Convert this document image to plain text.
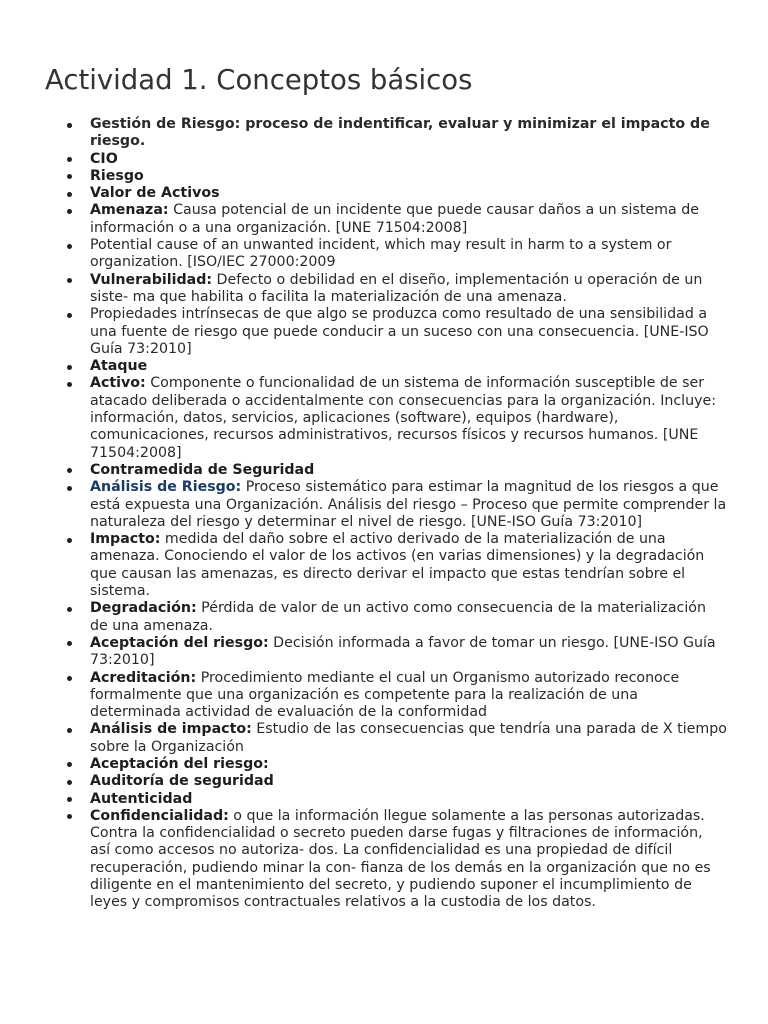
Actividad 1. Conceptos básicos
Gestión de Riesgo: proceso de indentificar, evaluar y minimizar el impacto de riesgo.
CIO
Riesgo
Valor de Activos
Amenaza: Causa potencial de un incidente que puede causar daños a un sistema de información o a una organización. [UNE 71504:2008]
Potential cause of an unwanted incident, which may result in harm to a system or organization. [ISO/IEC 27000:2009
Vulnerabilidad: Defecto o debilidad en el diseño, implementación u operación de un siste- ma que habilita o facilita la materialización de una amenaza.
Propiedades intrínsecas de que algo se produzca como resultado de una sensibilidad a una fuente de riesgo que puede conducir a un suceso con una consecuencia. [UNE-ISO Guía 73:2010]
Ataque
Activo: Componente o funcionalidad de un sistema de información susceptible de ser atacado deliberada o accidentalmente con consecuencias para la organización. Incluye: información, datos, servicios, aplicaciones (software), equipos (hardware), comunicaciones, recursos administrativos, recursos físicos y recursos humanos. [UNE 71504:2008]
Contramedida de Seguridad
Análisis de Riesgo: Proceso sistemático para estimar la magnitud de los riesgos a que está expuesta una Organización. Análisis del riesgo – Proceso que permite comprender la naturaleza del riesgo y determinar el nivel de riesgo. [UNE-ISO Guía 73:2010]
Impacto: medida del daño sobre el activo derivado de la materialización de una amenaza. Conociendo el valor de los activos (en varias dimensiones) y la degradación que causan las amenazas, es directo derivar el impacto que estas tendrían sobre el sistema.
Degradación: Pérdida de valor de un activo como consecuencia de la materialización de una amenaza.
Aceptación del riesgo: Decisión informada a favor de tomar un riesgo. [UNE-ISO Guía 73:2010]
Acreditación: Procedimiento mediante el cual un Organismo autorizado reconoce formalmente que una organización es competente para la realización de una determinada actividad de evaluación de la conformidad
Análisis de impacto: Estudio de las consecuencias que tendría una parada de X tiempo sobre la Organización
Aceptación del riesgo:
Auditoría de seguridad
Autenticidad
Confidencialidad: o que la información llegue solamente a las personas autorizadas. Contra la confidencialidad o secreto pueden darse fugas y filtraciones de información, así como accesos no autoriza- dos. La confidencialidad es una propiedad de difícil recuperación, pudiendo minar la con- fianza de los demás en la organización que no es diligente en el mantenimiento del secreto, y pudiendo suponer el incumplimiento de leyes y compromisos contractuales relativos a la custodia de los datos.
